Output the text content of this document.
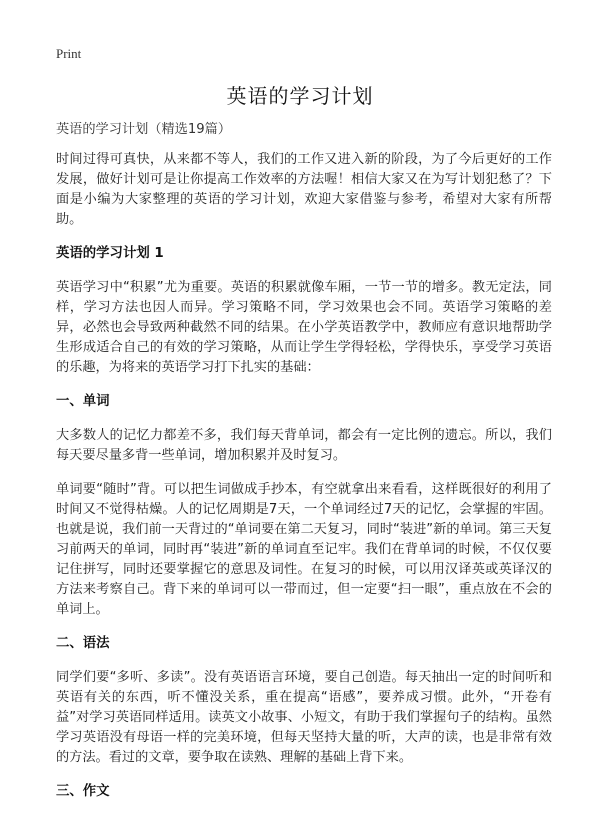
Print
英语的学习计划
英语的学习计划（精选19篇）

时间过得可真快，从来都不等人，我们的工作又进入新的阶段，为了今后更好的工作发展，做好计划可是让你提高工作效率的方法喔！相信大家又在为写计划犯愁了？下面是小编为大家整理的英语的学习计划，欢迎大家借鉴与参考，希望对大家有所帮助。

英语的学习计划 1

英语学习中“积累”尤为重要。英语的积累就像车厢，一节一节的增多。教无定法，同样，学习方法也因人而异。学习策略不同，学习效果也会不同。英语学习策略的差异，必然也会导致两种截然不同的结果。在小学英语教学中，教师应有意识地帮助学生形成适合自己的有效的学习策略，从而让学生学得轻松，学得快乐，享受学习英语的乐趣，为将来的英语学习打下扎实的基础：

一、单词

大多数人的记忆力都差不多，我们每天背单词，都会有一定比例的遗忘。所以，我们每天要尽量多背一些单词，增加积累并及时复习。

单词要“随时”背。可以把生词做成手抄本，有空就拿出来看看，这样既很好的利用了时间又不觉得枯燥。人的记忆周期是7天，一个单词经过7天的记忆，会掌握的牢固。也就是说，我们前一天背过的“单词要在第二天复习，同时“装进”新的单词。第三天复习前两天的单词，同时再“装进”新的单词直至记牢。我们在背单词的时候，不仅仅要记住拼写，同时还要掌握它的意思及词性。在复习的时候，可以用汉译英或英译汉的方法来考察自己。背下来的单词可以一带而过，但一定要“扫一眼”，重点放在不会的单词上。

二、语法

同学们要“多听、多读”。没有英语语言环境，要自己创造。每天抽出一定的时间听和英语有关的东西，听不懂没关系，重在提高“语感”，要养成习惯。此外，“开卷有益”对学习英语同样适用。读英文小故事、小短文，有助于我们掌握句子的结构。虽然学习英语没有母语一样的完美环境，但每天坚持大量的听，大声的读，也是非常有效的方法。看过的文章，要争取在读熟、理解的基础上背下来。

三、作文
